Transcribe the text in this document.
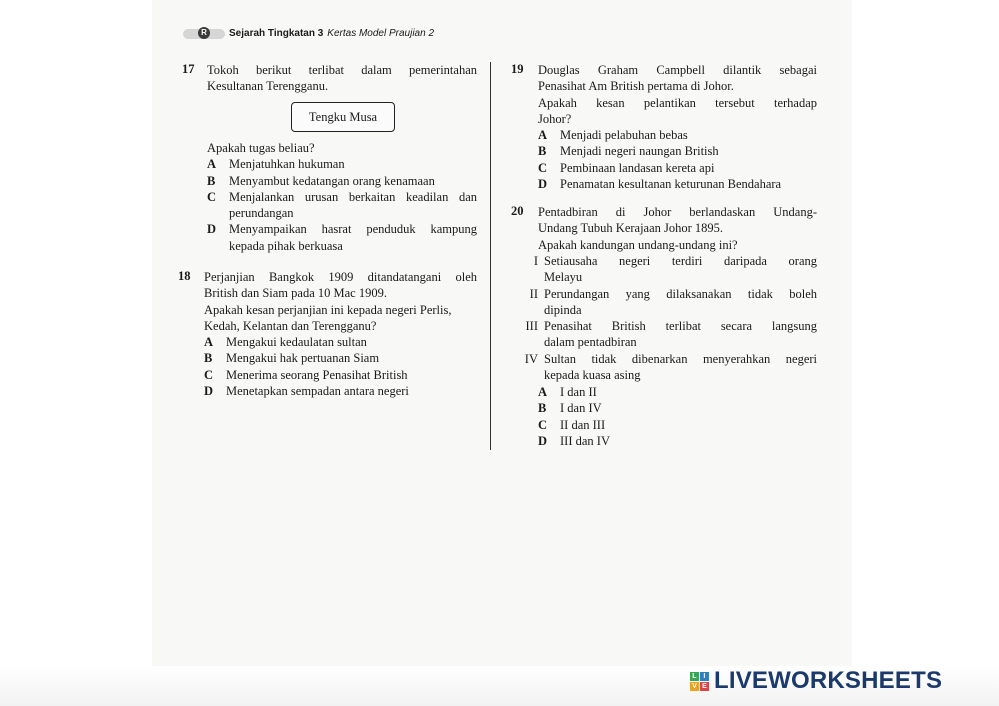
R	Sejarah Tingkatan 3 Kertas Model Praujian 2
17 Tokoh berikut terlibat dalam pemerintahan
Kesultanan Terengganu.
Tengku Musa
Apakah tugas beliau?
A Menjatuhkan hukuman
B Menyambut kedatangan orang kenamaan
C Menjalankan urusan berkaitan keadilan dan
perundangan
D Menyampaikan hasrat penduduk kampung
kepada pihak berkuasa
18 Perjanjian Bangkok 1909 ditandatangani oleh
British dan Siam pada 10 Mac 1909.
Apakah kesan perjanjian ini kepada negeri Perlis,
Kedah, Kelantan dan Terengganu?
A Mengakui kedaulatan sultan
B Mengakui hak pertuanan Siam
C Menerima seorang Penasihat British
D Menetapkan sempadan antara negeri
19 Douglas Graham Campbell dilantik sebagai
Penasihat Am British pertama di Johor.
Apakah kesan pelantikan tersebut terhadap
Johor?
A Menjadi pelabuhan bebas
B Menjadi negeri naungan British
C Pembinaan landasan kereta api
D Penamatan kesultanan keturunan Bendahara
20 Pentadbiran di Johor berlandaskan Undang-
Undang Tubuh Kerajaan Johor 1895.
Apakah kandungan undang-undang ini?
I Setiausaha negeri terdiri daripada orang
Melayu
II Perundangan yang dilaksanakan tidak boleh
dipinda
III Penasihat British terlibat secara langsung
dalam pentadbiran
IV Sultan tidak dibenarkan menyerahkan negeri
kepada kuasa asing
A I dan II
B I dan IV
C II dan III
D III dan IV
L I
V E LIVEWORKSHEETS
